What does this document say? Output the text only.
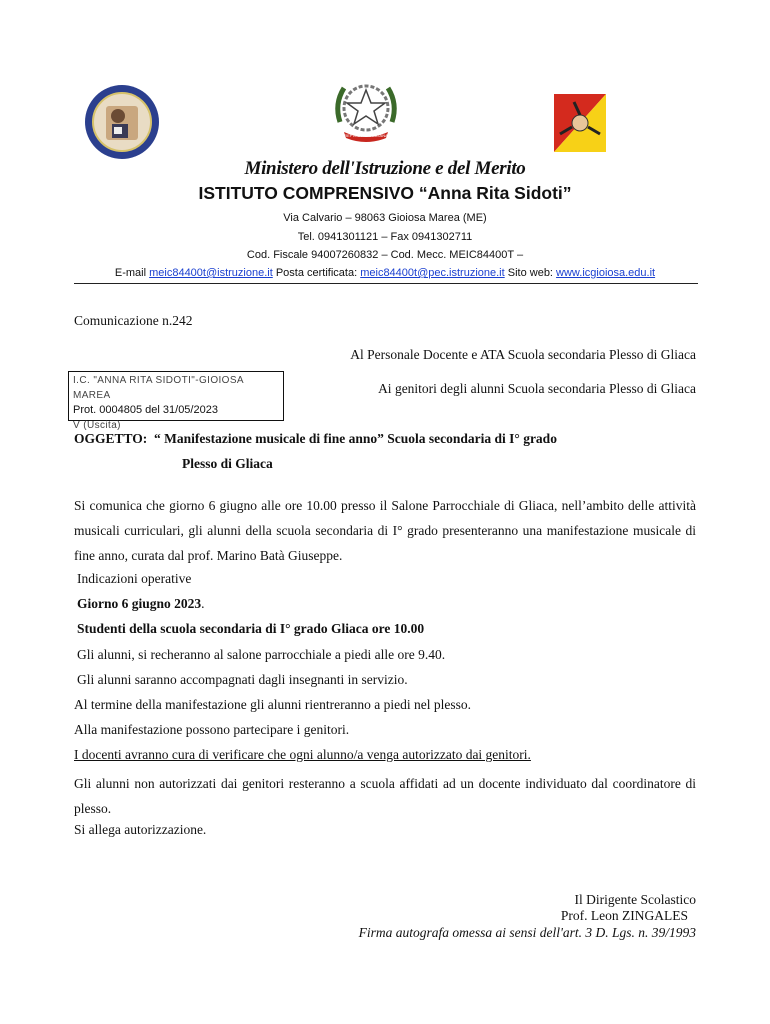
REPVBBLICA ITALIANA
Ministero dell'Istruzione e del Merito
ISTITUTO COMPRENSIVO “Anna Rita Sidoti”
Via Calvario – 98063 Gioiosa Marea (ME)
Tel. 0941301121 – Fax 0941302711
Cod. Fiscale 94007260832 – Cod. Mecc. MEIC84400T –
E-mail meic84400t@istruzione.it Posta certificata: meic84400t@pec.istruzione.it Sito web: www.icgioiosa.edu.it
Comunicazione n.242
Al Personale Docente e ATA Scuola secondaria Plesso di Gliaca
I.C. "ANNA RITA SIDOTI"-GIOIOSA MAREA
Prot. 0004805 del 31/05/2023
V (Uscita)
Ai genitori degli alunni Scuola secondaria Plesso di Gliaca
OGGETTO: “ Manifestazione musicale di fine anno” Scuola secondaria di I° grado
Plesso di Gliaca
Si comunica che giorno 6 giugno alle ore 10.00 presso il Salone Parrocchiale di Gliaca, nell’ambito delle attività musicali curriculari, gli alunni della scuola secondaria di I° grado presenteranno una manifestazione musicale di fine anno, curata dal prof. Marino Batà Giuseppe.
Indicazioni operative
Giorno 6 giugno 2023.
Studenti della scuola secondaria di I° grado Gliaca ore 10.00
Gli alunni, si recheranno al salone parrocchiale a piedi alle ore 9.40.
Gli alunni saranno accompagnati dagli insegnanti in servizio.
Al termine della manifestazione gli alunni rientreranno a piedi nel plesso.
Alla manifestazione possono partecipare i genitori.
I docenti avranno cura di verificare che ogni alunno/a venga autorizzato dai genitori.
Gli alunni non autorizzati dai genitori resteranno a scuola affidati ad un docente individuato dal coordinatore di plesso.
Si allega autorizzazione.
Il Dirigente Scolastico
Prof. Leon ZINGALES
Firma autografa omessa ai sensi dell'art. 3 D. Lgs. n. 39/1993
